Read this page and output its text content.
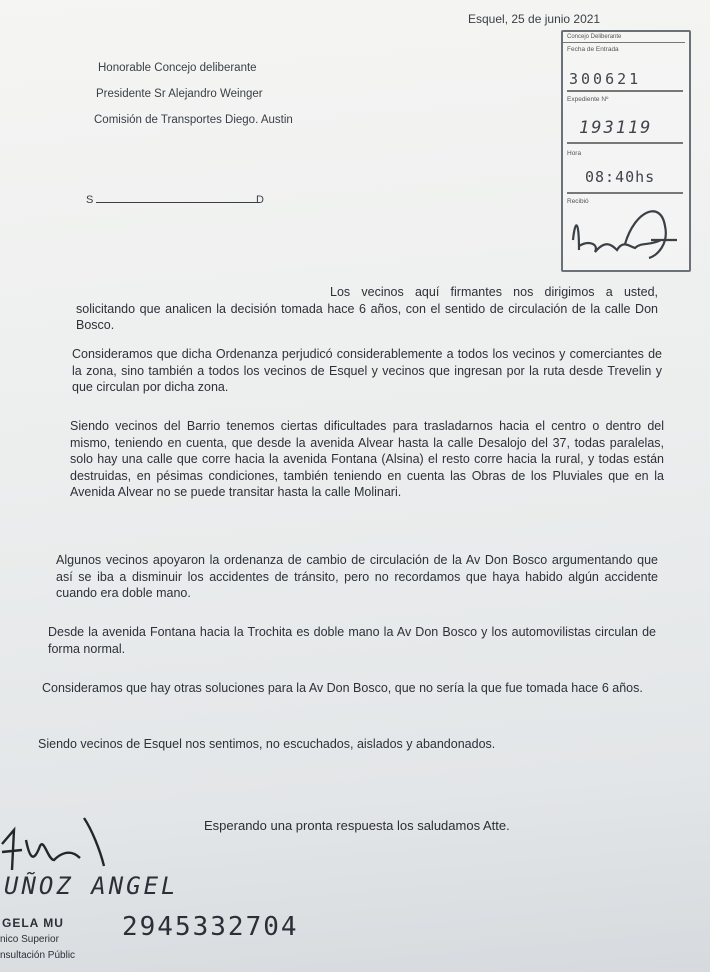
Esquel, 25 de junio 2021
Honorable Concejo deliberante
Presidente Sr Alejandro Weinger
Comisión de Transportes Diego. Austin
S	D
Concejo Deliberante
Fecha de Entrada
300621
Expediente Nº
193119
Hora
08:40hs
Recibió

Los vecinos aquí firmantes nos dirigimos a usted, solicitando que analicen la decisión tomada hace 6 años, con el sentido de circulación de la calle Don Bosco.

Consideramos que dicha Ordenanza perjudicó considerablemente a todos los vecinos y comerciantes de la zona, sino también a todos los vecinos de Esquel y vecinos que ingresan por la ruta desde Trevelin y que circulan por dicha zona.

Siendo vecinos del Barrio tenemos ciertas dificultades para trasladarnos hacia el centro o dentro del mismo, teniendo en cuenta, que desde la avenida Alvear hasta la calle Desalojo del 37, todas paralelas, solo hay una calle que corre hacia la avenida Fontana (Alsina) el resto corre hacia la rural, y todas están destruidas, en pésimas condiciones, también teniendo en cuenta las Obras de los Pluviales que en la Avenida Alvear no se puede transitar hasta la calle Molinari.

Algunos vecinos apoyaron la ordenanza de cambio de circulación de la Av Don Bosco argumentando que así se iba a disminuir los accidentes de tránsito, pero no recordamos que haya habido algún accidente cuando era doble mano.

Desde la avenida Fontana hacia la Trochita es doble mano la Av Don Bosco y los automovilistas circulan de forma normal.

Consideramos que hay otras soluciones para la Av Don Bosco, que no sería la que fue tomada hace 6 años.

Siendo vecinos de Esquel nos sentimos, no escuchados, aislados y abandonados.

Esperando una pronta respuesta los saludamos Atte.
UÑOZ ANGEL
GELA MU
nico Superior
nsultación Públic
2945332704
